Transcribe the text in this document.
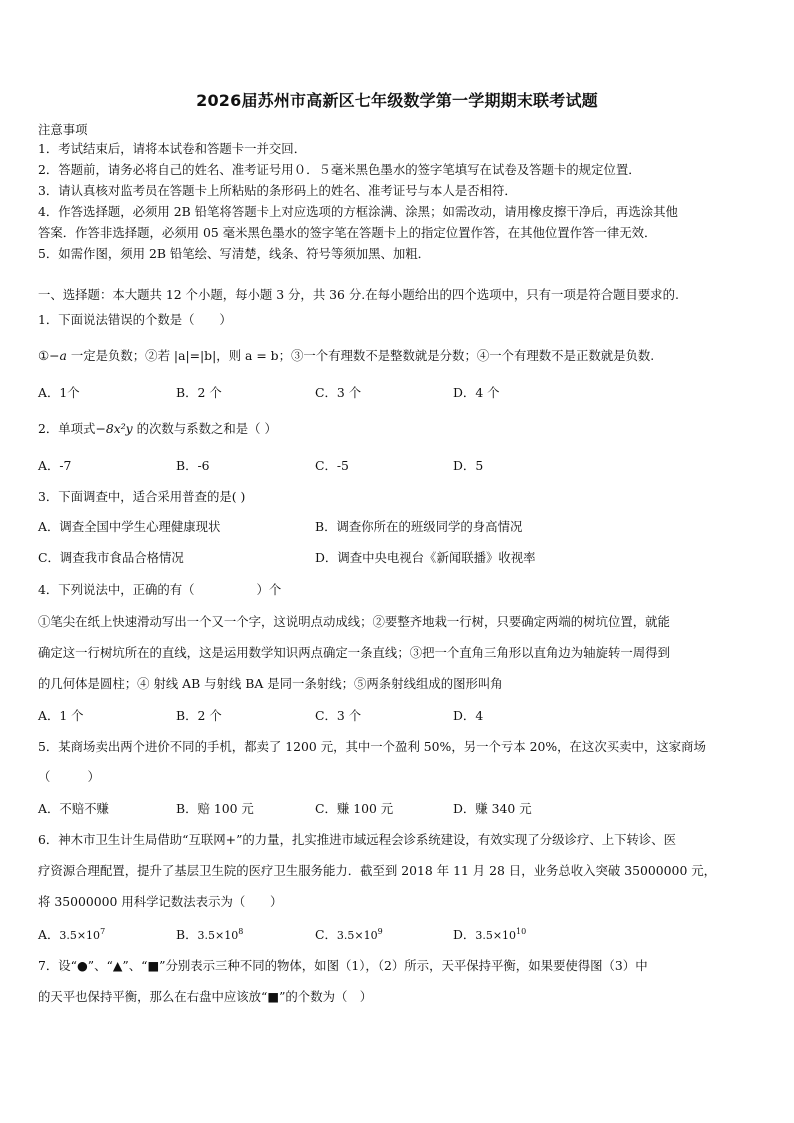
2026届苏州市高新区七年级数学第一学期期末联考试题
注意事项
1．考试结束后，请将本试卷和答题卡一并交回．
2．答题前，请务必将自己的姓名、准考证号用０．５毫米黑色墨水的签字笔填写在试卷及答题卡的规定位置．
3．请认真核对监考员在答题卡上所粘贴的条形码上的姓名、准考证号与本人是否相符．
4．作答选择题，必须用 2B 铅笔将答题卡上对应选项的方框涂满、涂黑；如需改动，请用橡皮擦干净后，再选涂其他
答案．作答非选择题，必须用 05 毫米黑色墨水的签字笔在答题卡上的指定位置作答，在其他位置作答一律无效．
5．如需作图，须用 2B 铅笔绘、写清楚，线条、符号等须加黑、加粗．
一、选择题：本大题共 12 个小题，每小题 3 分，共 36 分.在每小题给出的四个选项中，只有一项是符合题目要求的.
1．下面说法错误的个数是（　　）
①−a 一定是负数；②若 |a|=|b|，则 a = b；③一个有理数不是整数就是分数；④一个有理数不是正数就是负数.
A．1个	B．2 个	C．3 个	D．4 个
2．单项式−8x²y 的次数与系数之和是（ ）
A．-7	B．-6	C．-5	D．5
3．下面调查中，适合采用普查的是( )
A．调查全国中学生心理健康现状	B．调查你所在的班级同学的身高情况
C．调查我市食品合格情况	D．调查中央电视台《新闻联播》收视率
4．下列说法中，正确的有（　　　　　）个
①笔尖在纸上快速滑动写出一个又一个字，这说明点动成线；②要整齐地栽一行树，只要确定两端的树坑位置，就能
确定这一行树坑所在的直线，这是运用数学知识两点确定一条直线；③把一个直角三角形以直角边为轴旋转一周得到
的几何体是圆柱；④ 射线 AB 与射线 BA 是同一条射线；⑤两条射线组成的图形叫角
A．1 个	B．2 个	C．3 个	D．4
5．某商场卖出两个进价不同的手机，都卖了 1200 元，其中一个盈利 50%，另一个亏本 20%，在这次买卖中，这家商场
（　　　）
A．不赔不赚	B．赔 100 元	C．赚 100 元	D．赚 340 元
6．神木市卫生计生局借助“互联网+”的力量，扎实推进市域远程会诊系统建设，有效实现了分级诊疗、上下转诊、医
疗资源合理配置，提升了基层卫生院的医疗卫生服务能力．截至到 2018 年 11 月 28 日，业务总收入突破 35000000 元，
将 35000000 用科学记数法表示为（　　）
A．$3.5\times 10^7$	B．$3.5\times 10^8$	C．$3.5\times 10^9$	D．$3.5\times 10^{10}$
7．设“●”、“▲”、“■”分别表示三种不同的物体，如图（1），（2）所示，天平保持平衡，如果要使得图（3）中
的天平也保持平衡，那么在右盘中应该放“■”的个数为（　）
